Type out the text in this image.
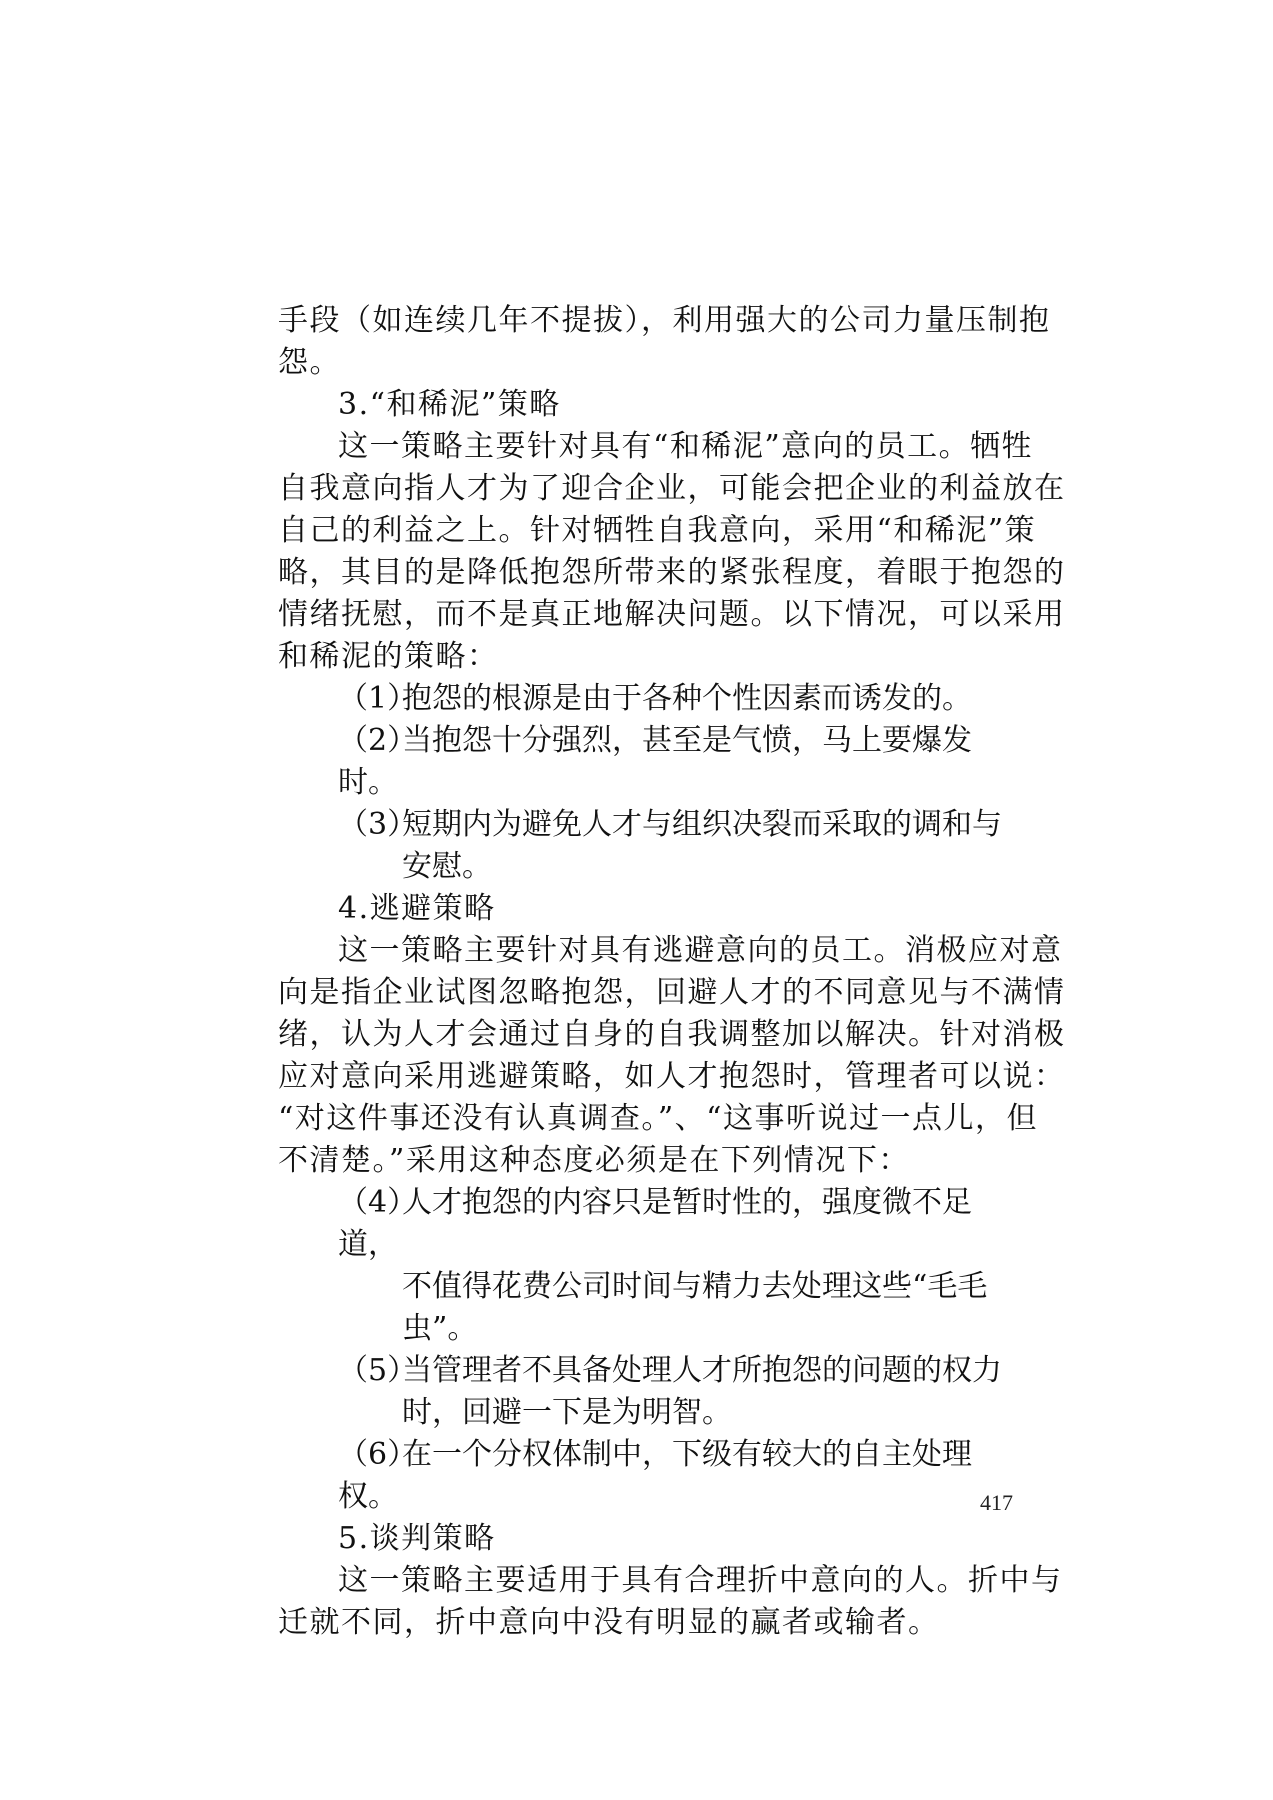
手段（如连续几年不提拔），利用强大的公司力量压制抱
怨。
3.“和稀泥”策略
这一策略主要针对具有“和稀泥”意向的员工。牺牲
自我意向指人才为了迎合企业，可能会把企业的利益放在
自己的利益之上。针对牺牲自我意向，采用“和稀泥”策
略，其目的是降低抱怨所带来的紧张程度，着眼于抱怨的
情绪抚慰，而不是真正地解决问题。以下情况，可以采用
和稀泥的策略：
（1）抱怨的根源是由于各种个性因素而诱发的。
（2）当抱怨十分强烈，甚至是气愤，马上要爆发时。
（3）短期内为避免人才与组织决裂而采取的调和与
安慰。
4.逃避策略
这一策略主要针对具有逃避意向的员工。消极应对意
向是指企业试图忽略抱怨，回避人才的不同意见与不满情
绪，认为人才会通过自身的自我调整加以解决。针对消极
应对意向采用逃避策略，如人才抱怨时，管理者可以说：
“对这件事还没有认真调查。”、“这事听说过一点儿，但
不清楚。”采用这种态度必须是在下列情况下：
（4）人才抱怨的内容只是暂时性的，强度微不足道，
不值得花费公司时间与精力去处理这些“毛毛
虫”。
（5）当管理者不具备处理人才所抱怨的问题的权力
时，回避一下是为明智。
（6）在一个分权体制中，下级有较大的自主处理权。
5.谈判策略
这一策略主要适用于具有合理折中意向的人。折中与
迁就不同，折中意向中没有明显的赢者或输者。
417
